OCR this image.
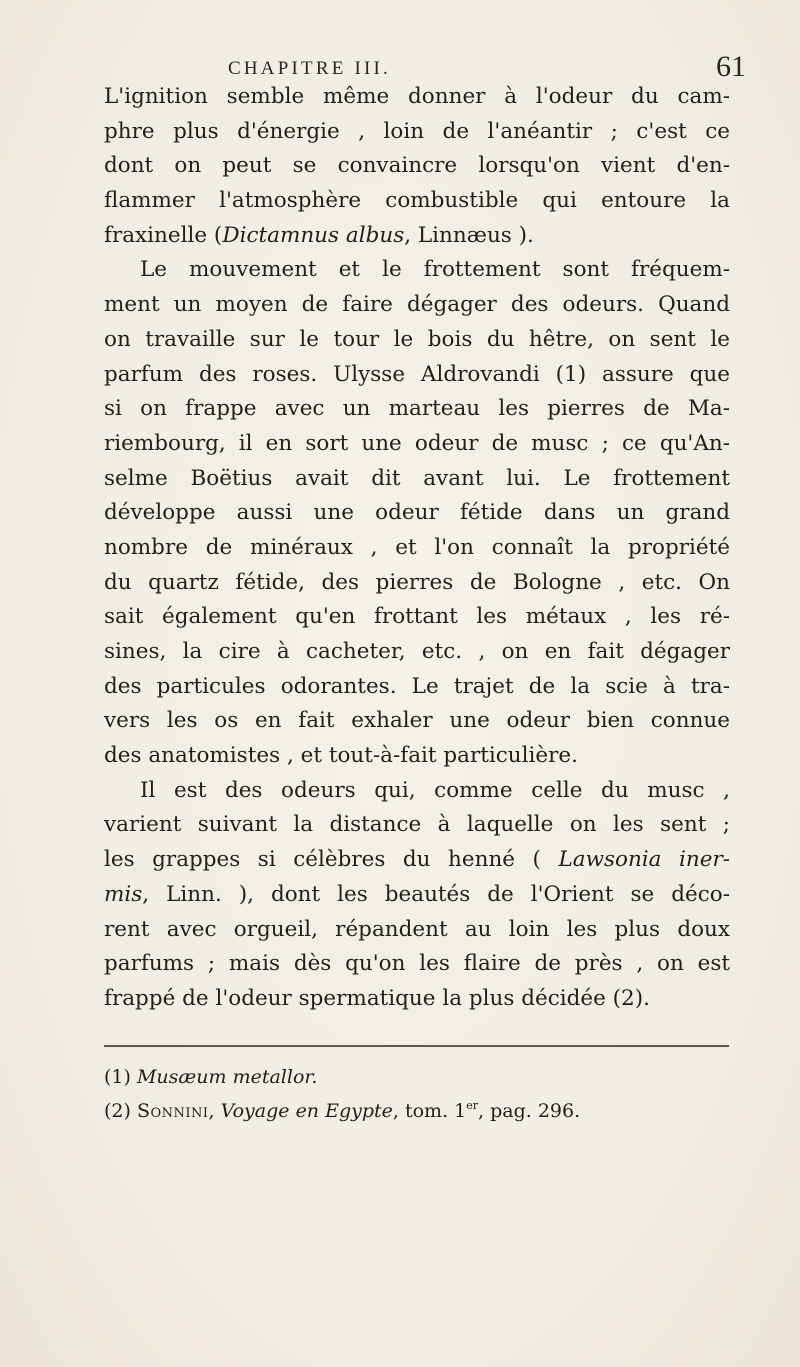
CHAPITRE III.	61
L'ignition semble même donner à l'odeur du cam-
phre plus d'énergie , loin de l'anéantir ; c'est ce
dont on peut se convaincre lorsqu'on vient d'en-
flammer l'atmosphère combustible qui entoure la
fraxinelle (Dictamnus albus, Linnæus ).
Le mouvement et le frottement sont fréquem-
ment un moyen de faire dégager des odeurs. Quand
on travaille sur le tour le bois du hêtre, on sent le
parfum des roses. Ulysse Aldrovandi (1) assure que
si on frappe avec un marteau les pierres de Ma-
riembourg, il en sort une odeur de musc ; ce qu'An-
selme Boëtius avait dit avant lui. Le frottement
développe aussi une odeur fétide dans un grand
nombre de minéraux , et l'on connaît la propriété
du quartz fétide, des pierres de Bologne , etc. On
sait également qu'en frottant les métaux , les ré-
sines, la cire à cacheter, etc. , on en fait dégager
des particules odorantes. Le trajet de la scie à tra-
vers les os en fait exhaler une odeur bien connue
des anatomistes , et tout-à-fait particulière.
Il est des odeurs qui, comme celle du musc ,
varient suivant la distance à laquelle on les sent ;
les grappes si célèbres du henné ( Lawsonia iner-
mis, Linn. ), dont les beautés de l'Orient se déco-
rent avec orgueil, répandent au loin les plus doux
parfums ; mais dès qu'on les flaire de près , on est
frappé de l'odeur spermatique la plus décidée (2).
(1) Musæum metallor.
(2) Sonnini, Voyage en Egypte, tom. 1er, pag. 296.
